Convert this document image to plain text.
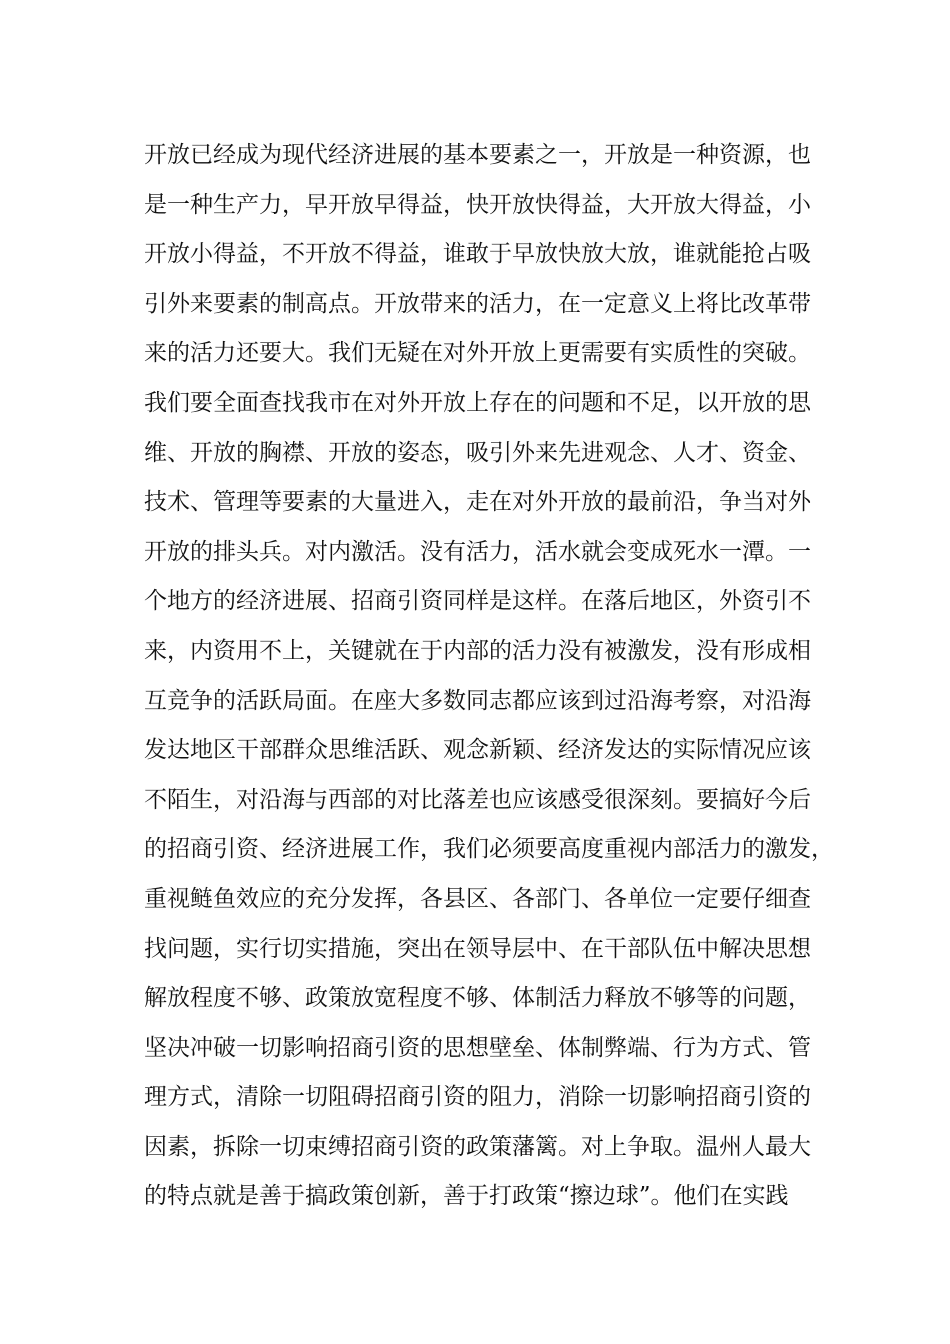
开放已经成为现代经济进展的基本要素之一，开放是一种资源，也
是一种生产力，早开放早得益，快开放快得益，大开放大得益，小
开放小得益，不开放不得益，谁敢于早放快放大放，谁就能抢占吸
引外来要素的制高点。开放带来的活力，在一定意义上将比改革带
来的活力还要大。我们无疑在对外开放上更需要有实质性的突破。
我们要全面查找我市在对外开放上存在的问题和不足，以开放的思
维、开放的胸襟、开放的姿态，吸引外来先进观念、人才、资金、
技术、管理等要素的大量进入，走在对外开放的最前沿，争当对外
开放的排头兵。对内激活。没有活力，活水就会变成死水一潭。一
个地方的经济进展、招商引资同样是这样。在落后地区，外资引不
来，内资用不上，关键就在于内部的活力没有被激发，没有形成相
互竞争的活跃局面。在座大多数同志都应该到过沿海考察，对沿海
发达地区干部群众思维活跃、观念新颖、经济发达的实际情况应该
不陌生，对沿海与西部的对比落差也应该感受很深刻。要搞好今后
的招商引资、经济进展工作，我们必须要高度重视内部活力的激发，
重视鲢鱼效应的充分发挥，各县区、各部门、各单位一定要仔细查
找问题，实行切实措施，突出在领导层中、在干部队伍中解决思想
解放程度不够、政策放宽程度不够、体制活力释放不够等的问题，
坚决冲破一切影响招商引资的思想壁垒、体制弊端、行为方式、管
理方式，清除一切阻碍招商引资的阻力，消除一切影响招商引资的
因素，拆除一切束缚招商引资的政策藩篱。对上争取。温州人最大
的特点就是善于搞政策创新，善于打政策“擦边球”。他们在实践
